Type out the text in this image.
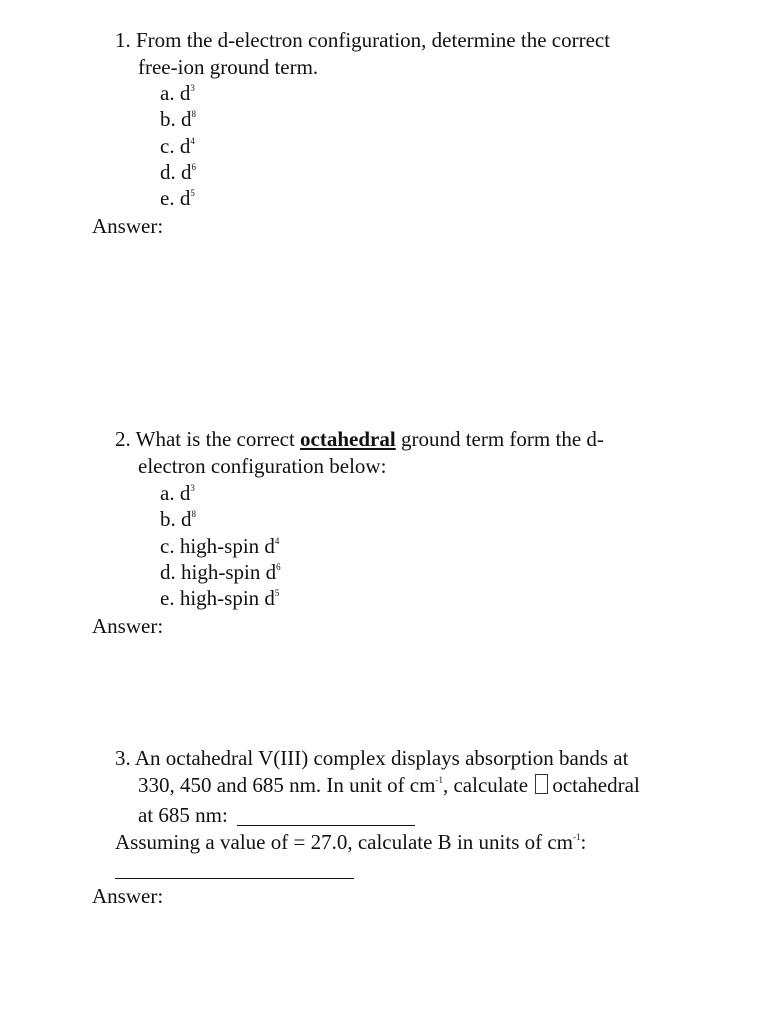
1. From the d-electron configuration, determine the correct
free-ion ground term.
a. $d^3$
b. $d^8$
c. $d^4$
d. $d^6$
e. $d^5$
Answer:
2. What is the correct octahedral ground term form the d-
electron configuration below:
a. $d^3$
b. $d^8$
c. high-spin $d^4$
d. high-spin $d^6$
e. high-spin $d^5$
Answer:
3. An octahedral V(III) complex displays absorption bands at
330, 450 and 685 nm. In unit of $cm^{-1}$, calculate octahedral
at 685 nm:
Assuming a value of = 27.0, calculate B in units of $cm^{-1}$:
Answer:
